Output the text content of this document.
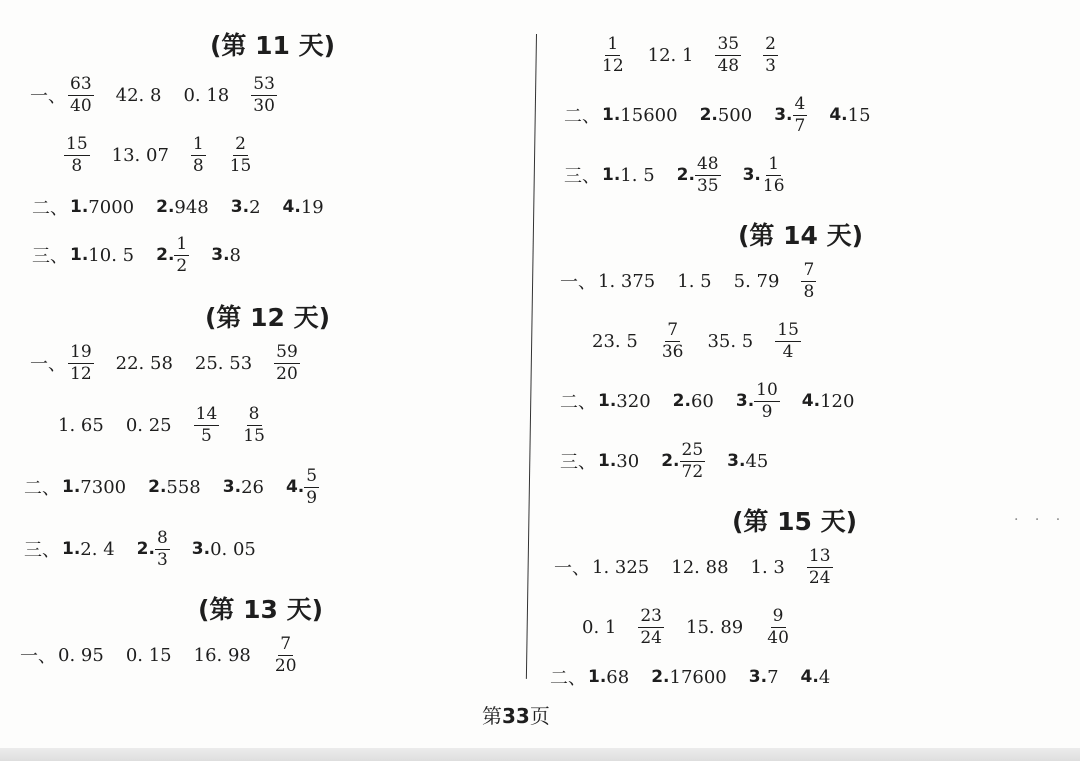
(第 11 天)
一、 $\frac{63}{40} 42$. 8 0. $18 \frac{53}{30}$
$\frac{15}{8} 13$. $07 \frac{1}{8} \frac{2}{15}$
二、 1. 7000 2. 948 3. 2 4. 19
三、 1. 10. 5 2. $\frac{1}{2} 3$. 8
(第 12 天)
一、 $\frac{19}{12} 22$. 58 25. $53 \frac{59}{20}$
1. 65 0. $25 \frac{14}{5} \frac{8}{15}$
二、 1. 7300 2. 558 3. 26 4. $\frac{5}{9}$
三、 1. 2. 4 2. $\frac{8}{3} 3$. 0. 05
(第 13 天)
一、 0. 95 0. 15 16. $98 \frac{7}{20}$
$\frac{1}{12} 12$. $1 \frac{35}{48} \frac{2}{3}$
二、 1. 15600 2. 500 3. $\frac{4}{7} 4$. 15
三、 1. 1. 5 2. $\frac{48}{35} 3$. $\frac{1}{16}$
(第 14 天)
一、 1. 375 1. 5 5. $79 \frac{7}{8}$
23. $5 \frac{7}{36} 35$. $5 \frac{15}{4}$
二、 1. 320 2. 60 3. $\frac{10}{9} 4$. 120
三、 1. 30 2. $\frac{25}{72} 3$. 45
(第 15 天)
一、 1. 325 12. 88 1. $3 \frac{13}{24}$
0. $1 \frac{23}{24} 15$. $89 \frac{9}{40}$
二、 1. 68 2. 17600 3. 7 4. 4
· · ·
第33页
